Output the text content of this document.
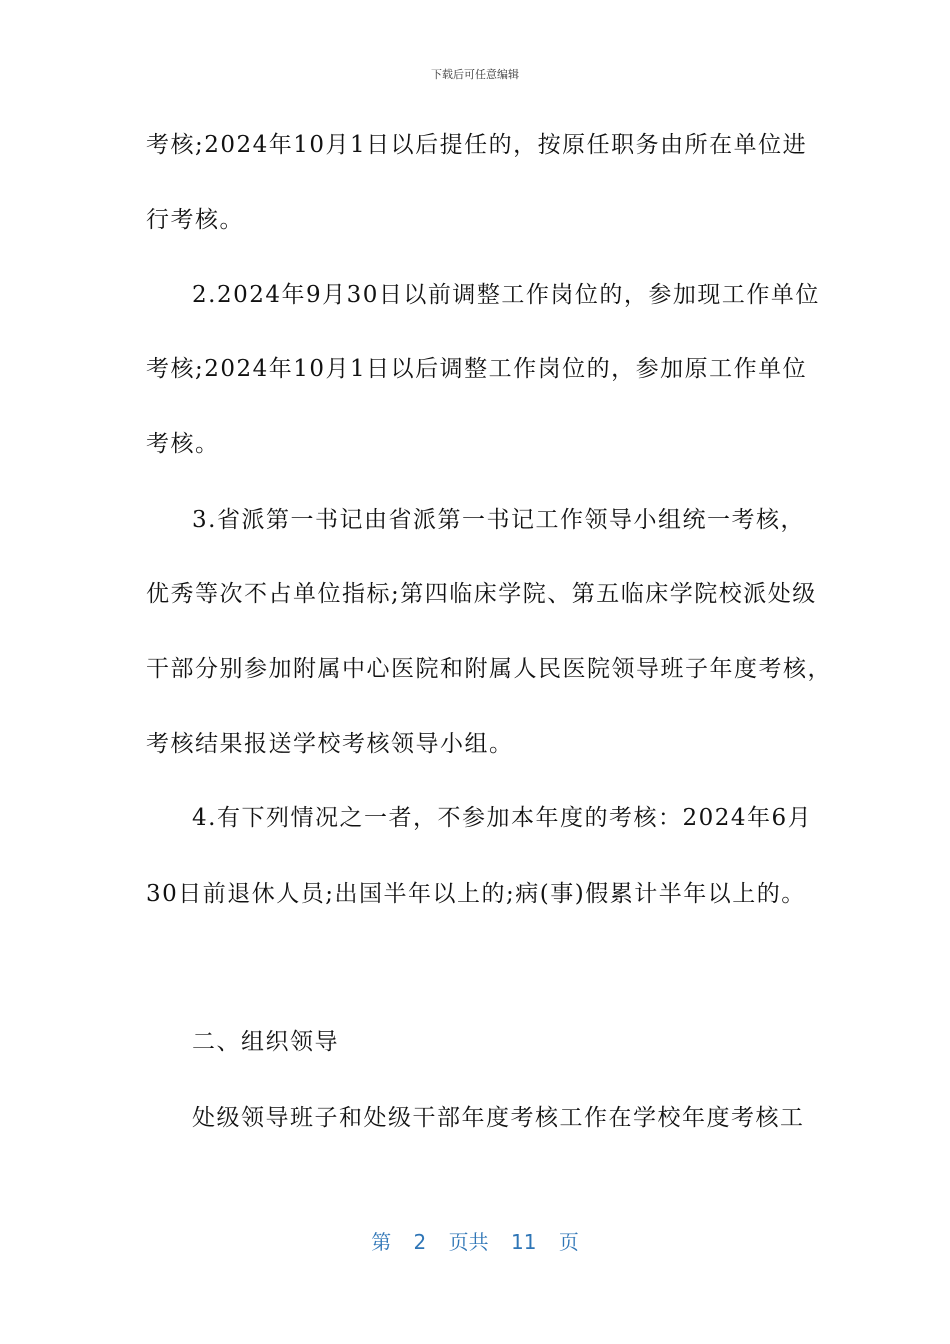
下载后可任意编辑
考核;2024年10月1日以后提任的，按原任职务由所在单位进
行考核。
2.2024年9月30日以前调整工作岗位的，参加现工作单位
考核;2024年10月1日以后调整工作岗位的，参加原工作单位
考核。
3.省派第一书记由省派第一书记工作领导小组统一考核，
优秀等次不占单位指标;第四临床学院、第五临床学院校派处级
干部分别参加附属中心医院和附属人民医院领导班子年度考核，
考核结果报送学校考核领导小组。
4.有下列情况之一者，不参加本年度的考核：2024年6月
30日前退休人员;出国半年以上的;病(事)假累计半年以上的。
二、组织领导
处级领导班子和处级干部年度考核工作在学校年度考核工
第 2 页共 11 页
